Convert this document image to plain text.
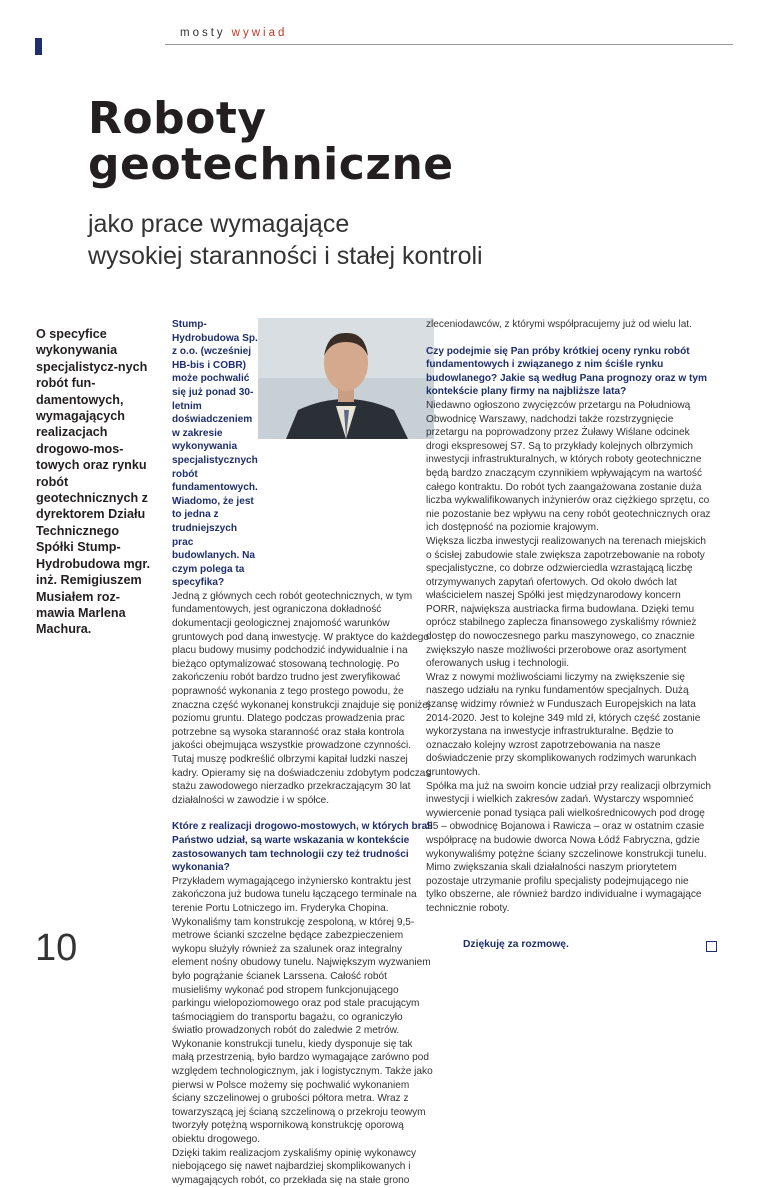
mosty wywiad
Roboty
geotechniczne
jako prace wymagające
wysokiej staranności i stałej kontroli

O specyfice wykonywania specjalistycz-nych robót fun-damentowych, wymagających realizacjach drogowo-mos-towych oraz rynku robót geotechnicznych z dyrektorem Działu Technicznego Spółki Stump-Hydrobudowa mgr. inż. Remigiuszem Musiałem roz-mawia Marlena Machura.

Stump-Hydrobudowa Sp. z o.o. (wcześniej HB-bis i COBR) może pochwalić się już ponad 30-letnim doświadczeniem w zakresie wykonywania specjalistycznych robót fundamentowych. Wiadomo, że jest to jedna z trudniejszych prac budowlanych. Na czym polega ta specyfika?

Jedną z głównych cech robót geotechnicznych, w tym fundamentowych, jest ograniczona dokładność dokumentacji geologicznej znajomość warunków gruntowych pod daną inwestycję. W praktyce do każdego placu budowy musimy podchodzić indywidualnie i na bieżąco optymalizować stosowaną technologię. Po zakończeniu robót bardzo trudno jest zweryfikować poprawność wykonania z tego prostego powodu, że znaczna część wykonanej konstrukcji znajduje się poniżej poziomu gruntu. Dlatego podczas prowadzenia prac potrzebne są wysoka staranność oraz stała kontrola jakości obejmująca wszystkie prowadzone czynności.

Tutaj muszę podkreślić olbrzymi kapitał ludzki naszej kadry. Opieramy się na doświadczeniu zdobytym podczas stażu zawodowego nierzadko przekraczającym 30 lat działalności w zawodzie i w spółce.

Które z realizacji drogowo-mostowych, w których brali Państwo udział, są warte wskazania w kontekście zastosowanych tam technologii czy też trudności wykonania?

Przykładem wymagającego inżyniersko kontraktu jest zakończona już budowa tunelu łączącego terminale na terenie Portu Lotniczego im. Fryderyka Chopina. Wykonaliśmy tam konstrukcję zespoloną, w której 9,5-metrowe ścianki szczelne będące zabezpieczeniem wykopu służyły również za szalunek oraz integralny element nośny obudowy tunelu. Największym wyzwaniem było pogrążanie ścianek Larssena. Całość robót musieliśmy wykonać pod stropem funkcjonującego parkingu wielopoziomowego oraz pod stale pracującym taśmociągiem do transportu bagażu, co ograniczyło światło prowadzonych robót do zaledwie 2 metrów. Wykonanie konstrukcji tunelu, kiedy dysponuje się tak małą przestrzenią, było bardzo wymagające zarówno pod względem technologicznym, jak i logistycznym. Także jako pierwsi w Polsce możemy się pochwalić wykonaniem ściany szczelinowej o grubości półtora metra. Wraz z towarzyszącą jej ścianą szczelinową o przekroju teowym tworzyły potężną wspornikową konstrukcję oporową obiektu drogowego.

Dzięki takim realizacjom zyskaliśmy opinię wykonawcy niebojącego się nawet najbardziej skomplikowanych i wymagających robót, co przekłada się na stałe grono

zleceniodawców, z którymi współpracujemy już od wielu lat.

Czy podejmie się Pan próby krótkiej oceny rynku robót fundamentowych i związanego z nim ściśle rynku budowlanego? Jakie są według Pana prognozy oraz w tym kontekście plany firmy na najbliższe lata?

Niedawno ogłoszono zwycięzców przetargu na Południową Obwodnicę Warszawy, nadchodzi także rozstrzygnięcie przetargu na poprowadzony przez Żuławy Wiślane odcinek drogi ekspresowej S7. Są to przykłady kolejnych olbrzymich inwestycji infrastrukturalnych, w których roboty geotechniczne będą bardzo znaczącym czynnikiem wpływającym na wartość całego kontraktu. Do robót tych zaangażowana zostanie duża liczba wykwalifikowanych inżynierów oraz ciężkiego sprzętu, co nie pozostanie bez wpływu na ceny robót geotechnicznych oraz ich dostępność na poziomie krajowym.

Większa liczba inwestycji realizowanych na terenach miejskich o ścisłej zabudowie stale zwiększa zapotrzebowanie na roboty specjalistyczne, co dobrze odzwierciedla wzrastającą liczbę otrzymywanych zapytań ofertowych. Od około dwóch lat właścicielem naszej Spółki jest międzynarodowy koncern PORR, największa austriacka firma budowlana. Dzięki temu oprócz stabilnego zaplecza finansowego zyskaliśmy również dostęp do nowoczesnego parku maszynowego, co znacznie zwiększyło nasze możliwości przerobowe oraz asortyment oferowanych usług i technologii.

Wraz z nowymi możliwościami liczymy na zwiększenie się naszego udziału na rynku fundamentów specjalnych. Dużą szansę widzimy również w Funduszach Europejskich na lata 2014-2020. Jest to kolejne 349 mld zł, których część zostanie wykorzystana na inwestycje infrastrukturalne. Będzie to oznaczało kolejny wzrost zapotrzebowania na nasze doświadczenie przy skomplikowanych rodzimych warunkach gruntowych.

Spółka ma już na swoim koncie udział przy realizacji olbrzymich inwestycji i wielkich zakresów zadań. Wystarczy wspomnieć wywiercenie ponad tysiąca pali wielkośrednicowych pod drogę S5 – obwodnicę Bojanowa i Rawicza – oraz w ostatnim czasie współpracę na budowie dworca Nowa Łódź Fabryczna, gdzie wykonywaliśmy potężne ściany szczelinowe konstrukcji tunelu. Mimo zwiększania skali działalności naszym priorytetem pozostaje utrzymanie profilu specjalisty podejmującego nie tylko obszerne, ale również bardzo individualne i wymagające technicznie roboty.

10	Dziękuję za rozmowę.
